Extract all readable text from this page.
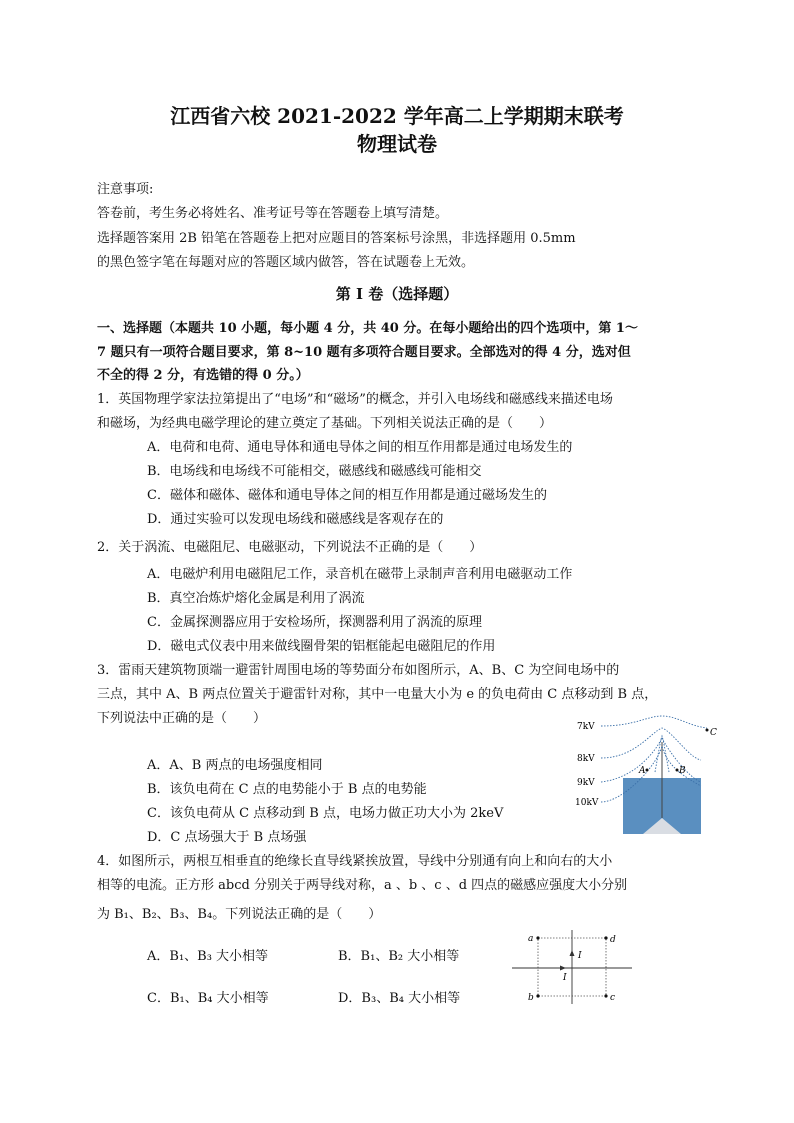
江西省六校 2021-2022 学年高二上学期期末联考
物理试卷
注意事项:
答卷前，考生务必将姓名、准考证号等在答题卷上填写清楚。
选择题答案用 2B 铅笔在答题卷上把对应题目的答案标号涂黑，非选择题用 0.5mm
的黑色签字笔在每题对应的答题区域内做答，答在试题卷上无效。
第 I 卷（选择题）
一、选择题（本题共 10 小题，每小题 4 分，共 40 分。在每小题给出的四个选项中，第 1～
7 题只有一项符合题目要求，第 8~10 题有多项符合题目要求。全部选对的得 4 分，选对但
不全的得 2 分，有选错的得 0 分。）
1．英国物理学家法拉第提出了“电场”和“磁场”的概念，并引入电场线和磁感线来描述电场
和磁场，为经典电磁学理论的建立奠定了基础。下列相关说法正确的是（　　）
A．电荷和电荷、通电导体和通电导体之间的相互作用都是通过电场发生的
B．电场线和电场线不可能相交，磁感线和磁感线可能相交
C．磁体和磁体、磁体和通电导体之间的相互作用都是通过磁场发生的
D．通过实验可以发现电场线和磁感线是客观存在的
2．关于涡流、电磁阻尼、电磁驱动，下列说法不正确的是（　　）
A．电磁炉利用电磁阻尼工作，录音机在磁带上录制声音利用电磁驱动工作
B．真空冶炼炉熔化金属是利用了涡流
C．金属探测器应用于安检场所，探测器利用了涡流的原理
D．磁电式仪表中用来做线圈骨架的铝框能起电磁阻尼的作用
3．雷雨天建筑物顶端一避雷针周围电场的等势面分布如图所示，A、B、C 为空间电场中的
三点，其中 A、B 两点位置关于避雷针对称，其中一电量大小为 e 的负电荷由 C 点移动到 B 点，
下列说法中正确的是（　　）
A．A、B 两点的电场强度相同
B．该负电荷在 C 点的电势能小于 B 点的电势能
C．该负电荷从 C 点移动到 B 点，电场力做正功大小为 2keV
D．C 点场强大于 B 点场强
7kV
8kV
9kV
10kV
A	B
C
4．如图所示，两根互相垂直的绝缘长直导线紧挨放置，导线中分别通有向上和向右的大小
相等的电流。正方形 abcd 分别关于两导线对称，a 、b 、c 、d 四点的磁感应强度大小分别
为 B₁、B₂、B₃、B₄。下列说法正确的是（　　）
A．B₁、B₃ 大小相等	B．B₁、B₂ 大小相等
C．B₁、B₄ 大小相等	D．B₃、B₄ 大小相等
a	d
b	c
I
I
